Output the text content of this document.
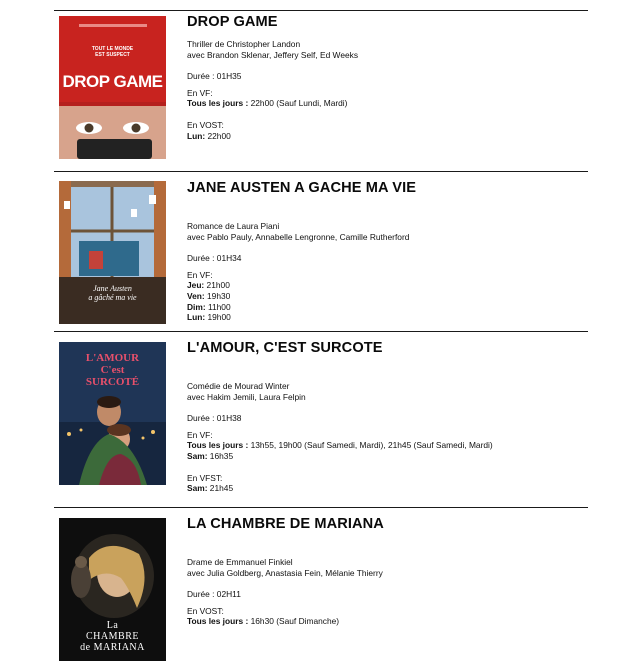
TOUT LE MONDE
EST SUSPECT
DROP GAME
DROP GAME
Thriller de Christopher Landon
avec Brandon Sklenar, Jeffery Self, Ed Weeks
Durée : 01H35
En VF:
Tous les jours : 22h00 (Sauf Lundi, Mardi)
En VOST:
Lun: 22h00
Jane Austen
a gâché ma vie
JANE AUSTEN A GACHE MA VIE
Romance de Laura Piani
avec Pablo Pauly, Annabelle Lengronne, Camille Rutherford
Durée : 01H34
En VF:
Jeu: 21h00
Ven: 19h30
Dim: 11h00
Lun: 19h00
L'AMOUR
C'est
SURCOTÉ
L'AMOUR, C'EST SURCOTE
Comédie de Mourad Winter
avec Hakim Jemili, Laura Felpin
Durée : 01H38
En VF:
Tous les jours : 13h55, 19h00 (Sauf Samedi, Mardi), 21h45 (Sauf Samedi, Mardi)
Sam: 16h35
En VFST:
Sam: 21h45
La
CHAMBRE
de MARIANA
LA CHAMBRE DE MARIANA
Drame de Emmanuel Finkiel
avec Julia Goldberg, Anastasia Fein, Mélanie Thierry
Durée : 02H11
En VOST:
Tous les jours : 16h30 (Sauf Dimanche)
